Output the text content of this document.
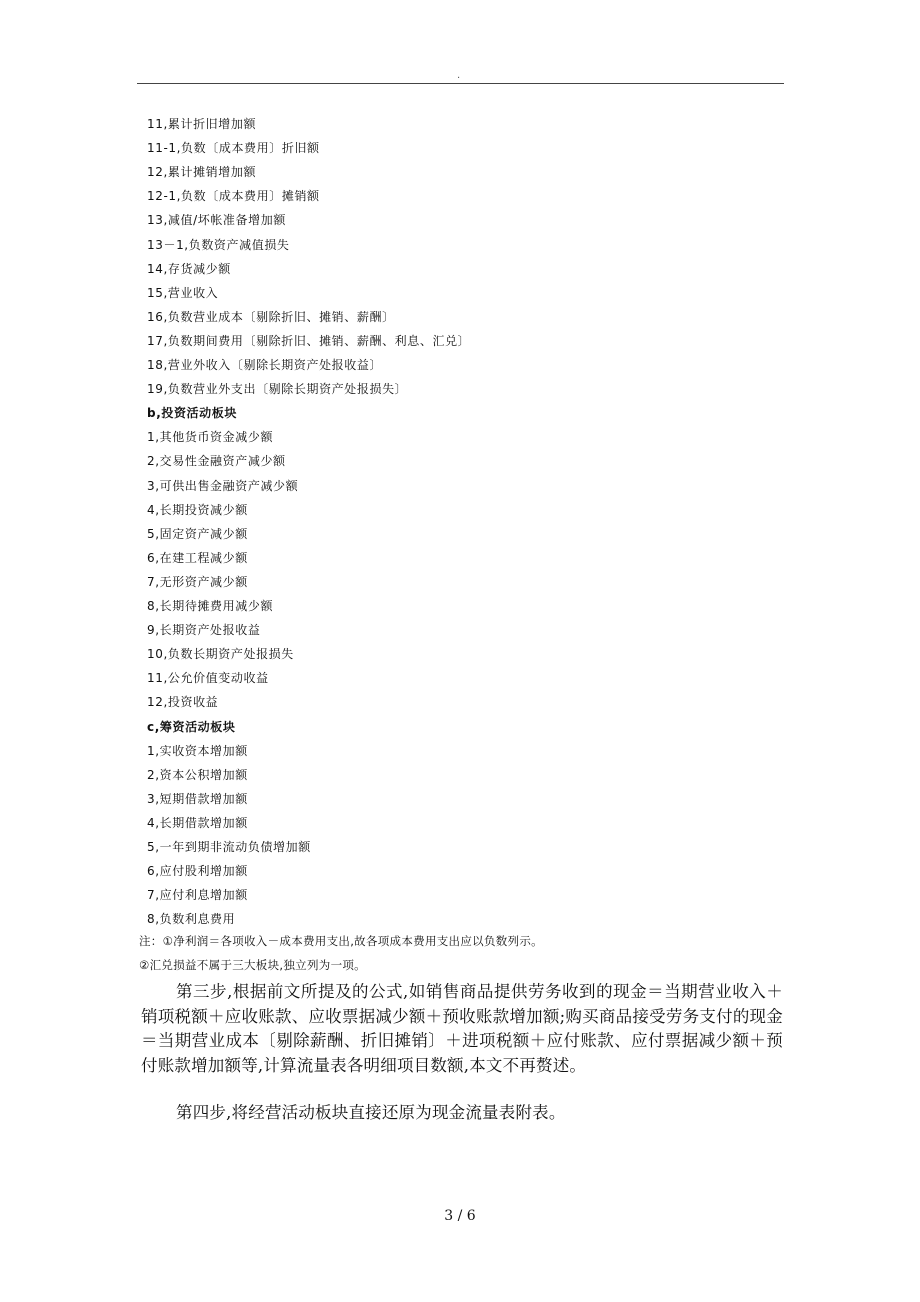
.
11,累计折旧增加额
11-1,负数〔成本费用〕折旧额
12,累计摊销增加额
12-1,负数〔成本费用〕摊销额
13,减值/坏帐准备增加额
13－1,负数资产减值损失
14,存货减少额
15,营业收入
16,负数营业成本〔剔除折旧、摊销、薪酬〕
17,负数期间费用〔剔除折旧、摊销、薪酬、利息、汇兑〕
18,营业外收入〔剔除长期资产处报收益〕
19,负数营业外支出〔剔除长期资产处报损失〕
b,投资活动板块
1,其他货币资金减少额
2,交易性金融资产减少额
3,可供出售金融资产减少额
4,长期投资减少额
5,固定资产减少额
6,在建工程减少额
7,无形资产减少额
8,长期待摊费用减少额
9,长期资产处报收益
10,负数长期资产处报损失
11,公允价值变动收益
12,投资收益
c,筹资活动板块
1,实收资本增加额
2,资本公积增加额
3,短期借款增加额
4,长期借款增加额
5,一年到期非流动负债增加额
6,应付股利增加额
7,应付利息增加额
8,负数利息费用
注：①净利润＝各项收入－成本费用支出,故各项成本费用支出应以负数列示。
②汇兑损益不属于三大板块,独立列为一项。
第三步,根据前文所提及的公式,如销售商品提供劳务收到的现金＝当期营业收入＋销项税额＋应收账款、应收票据减少额＋预收账款增加额;购买商品接受劳务支付的现金＝当期营业成本〔剔除薪酬、折旧摊销〕＋进项税额＋应付账款、应付票据减少额＋预付账款增加额等,计算流量表各明细项目数额,本文不再赘述。
第四步,将经营活动板块直接还原为现金流量表附表。
3 / 6
